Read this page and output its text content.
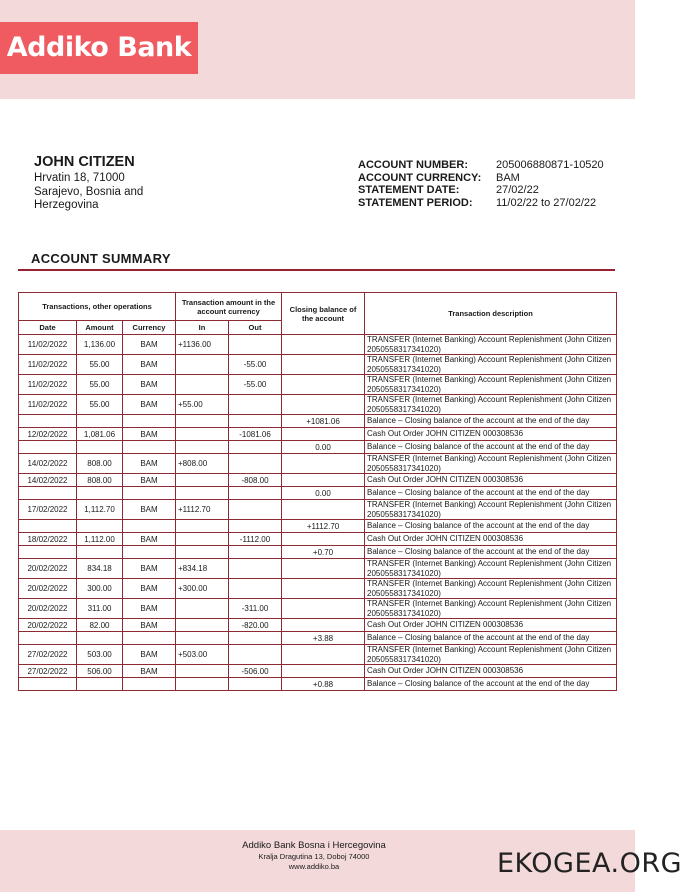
Addiko Bank
JOHN CITIZEN
Hrvatin 18, 71000
Sarajevo, Bosnia and
Herzegovina
ACCOUNT NUMBER:	205006880871-10520
ACCOUNT CURRENCY:	BAM
STATEMENT DATE:	27/02/22
STATEMENT PERIOD:	11/02/22 to 27/02/22
ACCOUNT SUMMARY
Transactions, other operations			Transaction amount in the account currency		Closing balance of the account	Transaction description
Date	Amount	Currency	In	Out		
11/02/2022	1,136.00	BAM	+1136.00			TRANSFER (Internet Banking) Account Replenishment (John Citizen 2050558317341020)
11/02/2022	55.00	BAM		-55.00		TRANSFER (Internet Banking) Account Replenishment (John Citizen 2050558317341020)
11/02/2022	55.00	BAM		-55.00		TRANSFER (Internet Banking) Account Replenishment (John Citizen 2050558317341020)
11/02/2022	55.00	BAM	+55.00			TRANSFER (Internet Banking) Account Replenishment (John Citizen 2050558317341020)
					+1081.06	Balance – Closing balance of the account at the end of the day
12/02/2022	1,081.06	BAM		-1081.06		Cash Out Order JOHN CITIZEN 000308536
					0.00	Balance – Closing balance of the account at the end of the day
14/02/2022	808.00	BAM	+808.00			TRANSFER (Internet Banking) Account Replenishment (John Citizen 2050558317341020)
14/02/2022	808.00	BAM		-808.00		Cash Out Order JOHN CITIZEN 000308536
					0.00	Balance – Closing balance of the account at the end of the day
17/02/2022	1,112.70	BAM	+1112.70			TRANSFER (Internet Banking) Account Replenishment (John Citizen 2050558317341020)
					+1112.70	Balance – Closing balance of the account at the end of the day
18/02/2022	1,112.00	BAM		-1112.00		Cash Out Order JOHN CITIZEN 000308536
					+0.70	Balance – Closing balance of the account at the end of the day
20/02/2022	834.18	BAM	+834.18			TRANSFER (Internet Banking) Account Replenishment (John Citizen 2050558317341020)
20/02/2022	300.00	BAM	+300.00			TRANSFER (Internet Banking) Account Replenishment (John Citizen 2050558317341020)
20/02/2022	311.00	BAM		-311.00		TRANSFER (Internet Banking) Account Replenishment (John Citizen 2050558317341020)
20/02/2022	82.00	BAM		-820.00		Cash Out Order JOHN CITIZEN 000308536
					+3.88	Balance – Closing balance of the account at the end of the day
27/02/2022	503.00	BAM	+503.00			TRANSFER (Internet Banking) Account Replenishment (John Citizen 2050558317341020)
27/02/2022	506.00	BAM		-506.00		Cash Out Order JOHN CITIZEN 000308536
					+0.88	Balance – Closing balance of the account at the end of the day
Addiko Bank Bosna i Hercegovina
Kralja Dragutina 13, Doboj 74000
www.addiko.ba	EKOGEA.ORG
